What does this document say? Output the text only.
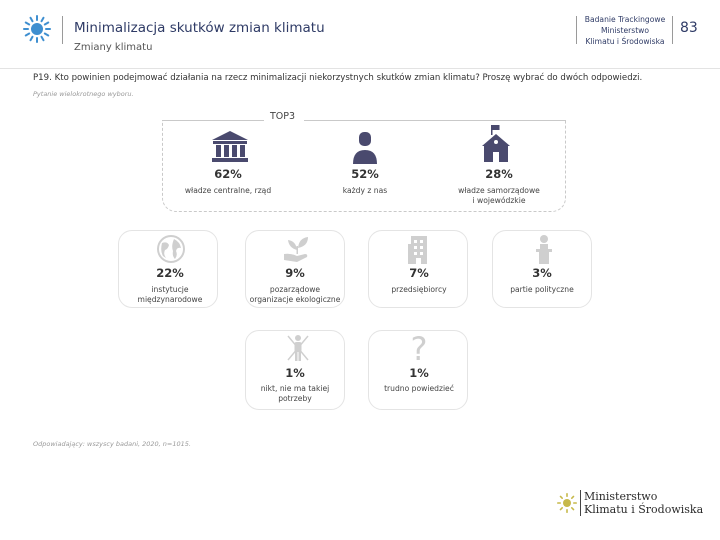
Minimalizacja skutków zmian klimatu
Zmiany klimatu
Badanie Trackingowe
Ministerstwo
Klimatu i Środowiska
83
P19. Kto powinien podejmować działania na rzecz minimalizacji niekorzystnych skutków zmian klimatu? Proszę wybrać do dwóch odpowiedzi.
Pytanie wielokrotnego wyboru.
TOP3
62%
władze centralne, rząd
52%
każdy z nas
28%
władze samorządowe
i wojewódzkie
22%
instytucje
międzynarodowe
9%
pozarządowe
organizacje ekologiczne
7%
przedsiębiorcy
3%
partie polityczne
1%
nikt, nie ma takiej
potrzeby
?
1%
trudno powiedzieć
Odpowiadający: wszyscy badani, 2020, n=1015.
Ministerstwo
Klimatu i Środowiska
